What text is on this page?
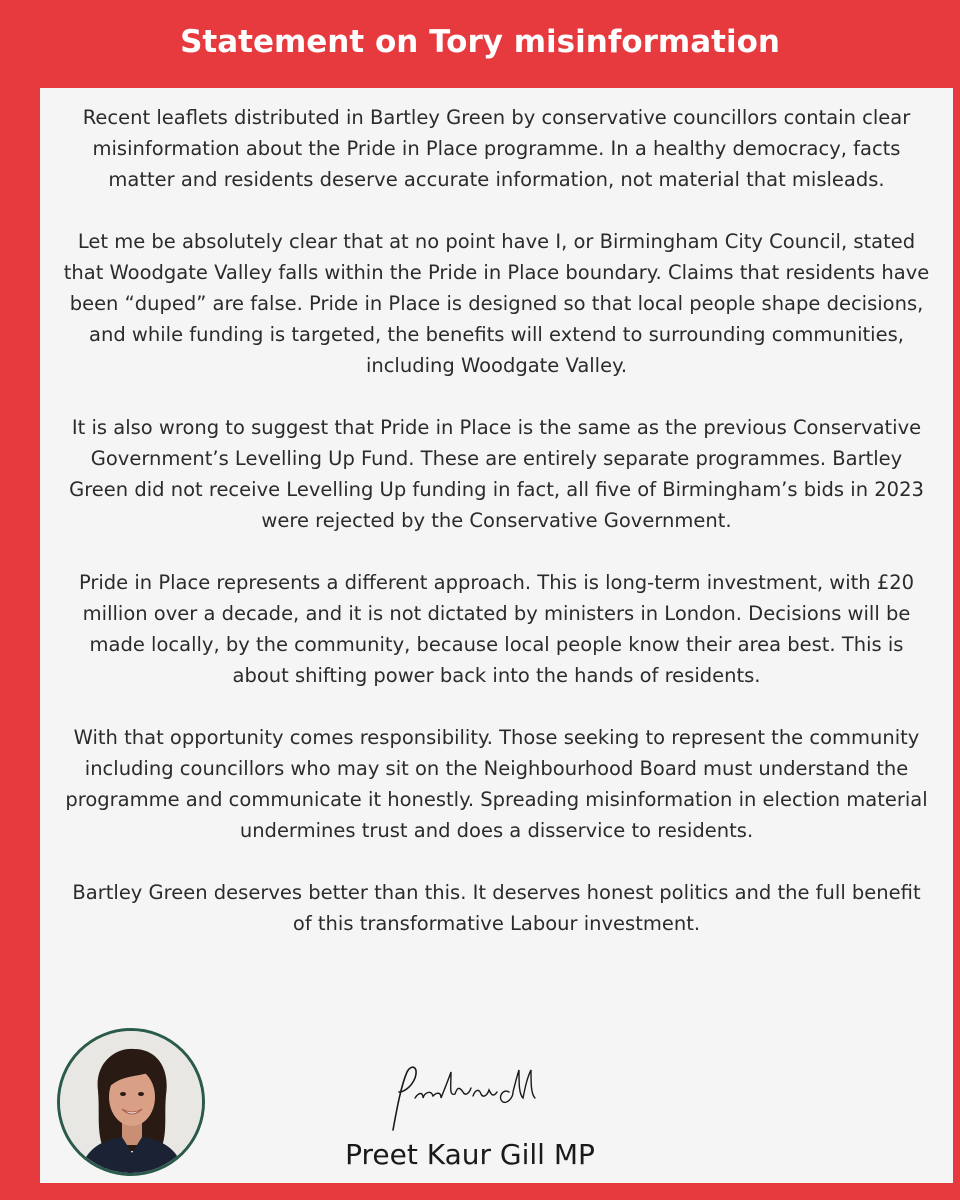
Statement on Tory misinformation

Recent leaflets distributed in Bartley Green by conservative councillors contain clear misinformation about the Pride in Place programme. In a healthy democracy, facts matter and residents deserve accurate information, not material that misleads.

Let me be absolutely clear that at no point have I, or Birmingham City Council, stated that Woodgate Valley falls within the Pride in Place boundary. Claims that residents have been “duped” are false. Pride in Place is designed so that local people shape decisions, and while funding is targeted, the benefits will extend to surrounding communities, including Woodgate Valley.

It is also wrong to suggest that Pride in Place is the same as the previous Conservative Government’s Levelling Up Fund. These are entirely separate programmes. Bartley Green did not receive Levelling Up funding in fact, all five of Birmingham’s bids in 2023 were rejected by the Conservative Government.

Pride in Place represents a different approach. This is long-term investment, with £20 million over a decade, and it is not dictated by ministers in London. Decisions will be made locally, by the community, because local people know their area best. This is about shifting power back into the hands of residents.

With that opportunity comes responsibility. Those seeking to represent the community including councillors who may sit on the Neighbourhood Board must understand the programme and communicate it honestly. Spreading misinformation in election material undermines trust and does a disservice to residents.

Bartley Green deserves better than this. It deserves honest politics and the full benefit of this transformative Labour investment.

Preet Kaur Gill MP
